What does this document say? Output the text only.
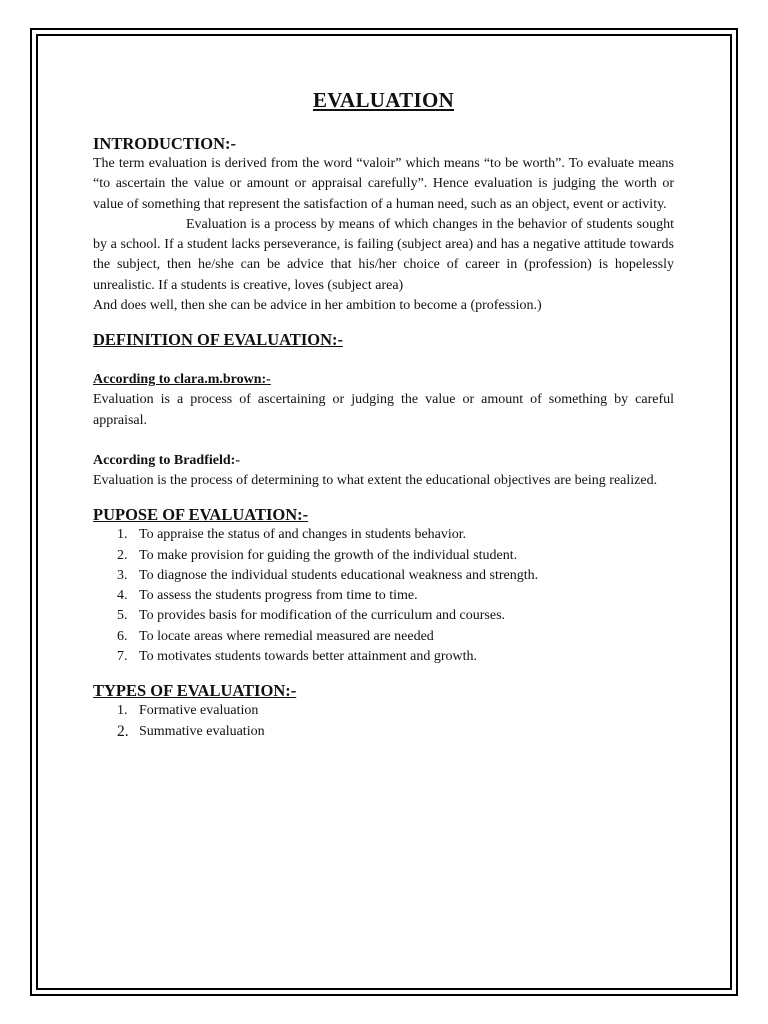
EVALUATION
INTRODUCTION:-

The term evaluation is derived from the word “valoir” which means “to be worth”. To evaluate means “to ascertain the value or amount or appraisal carefully”. Hence evaluation is judging the worth or value of something that represent the satisfaction of a human need, such as an object, event or activity.

Evaluation is a process by means of which changes in the behavior of students sought by a school. If a student lacks perseverance, is failing (subject area) and has a negative attitude towards the subject, then he/she can be advice that his/her choice of career in (profession) is hopelessly unrealistic. If a students is creative, loves (subject area)

And does well, then she can be advice in her ambition to become a (profession.)

DEFINITION OF EVALUATION:-
According to clara.m.brown:-

Evaluation is a process of ascertaining or judging the value or amount of something by careful appraisal.

According to Bradfield:-

Evaluation is the process of determining to what extent the educational objectives are being realized.

PUPOSE OF EVALUATION:-
1. To appraise the status of and changes in students behavior.
2. To make provision for guiding the growth of the individual student.
3. To diagnose the individual students educational weakness and strength.
4. To assess the students progress from time to time.
5. To provides basis for modification of the curriculum and courses.
6. To locate areas where remedial measured are needed
7. To motivates students towards better attainment and growth.
TYPES OF EVALUATION:-
1. Formative evaluation
2. Summative evaluation
